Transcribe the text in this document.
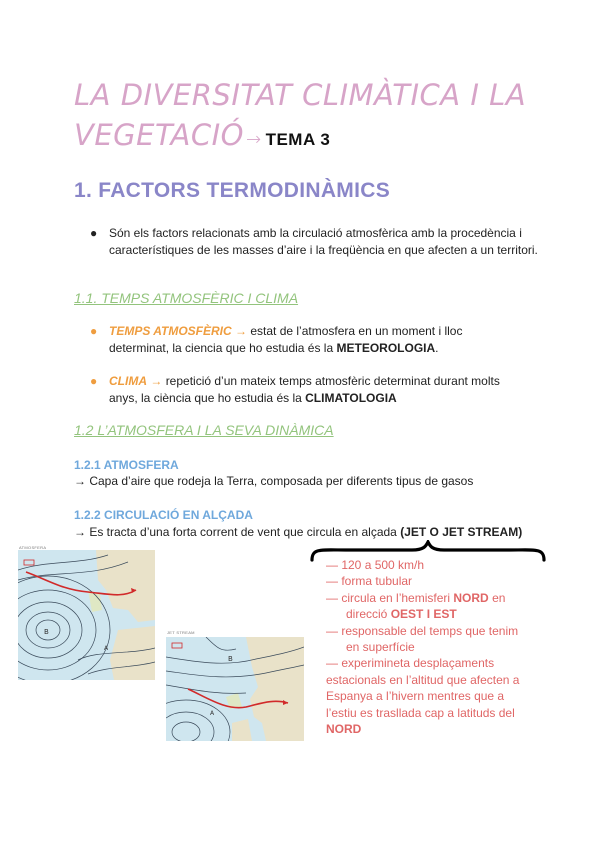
LA DIVERSITAT CLIMÀTICA I LA
VEGETACIÓ → TEMA 3
1. FACTORS TERMODINÀMICS
● Són els factors relacionats amb la circulació atmosfèrica amb la procedència i característiques de les masses d’aire i la freqüència en que afecten a un territori.
1.1. TEMPS ATMOSFÈRIC I CLIMA
● TEMPS ATMOSFÈRIC → estat de l’atmosfera en un moment i lloc determinat, la ciencia que ho estudia és la METEOROLOGIA.
● CLIMA → repetició d’un mateix temps atmosfèric determinat durant molts anys, la ciència que ho estudia és la CLIMATOLOGIA
1.2 L’ATMOSFERA I LA SEVA DINÀMICA
1.2.1 ATMOSFERA
→ Capa d’aire que rodeja la Terra, composada per diferents tipus de gasos
1.2.2 CIRCULACIÓ EN ALÇADA
→ Es tracta d’una forta corrent de vent que circula en alçada (JET O JET STREAM)
— 120 a 500 km/h
— forma tubular
— circula en l’hemisferi NORD en
direcció OEST I EST
— responsable del temps que tenim
en superfície
— experimineta desplaçaments
estacionals en l’altitud que afecten a
Espanya a l’hivern mentres que a
l’estiu es trasllada cap a latituds del
NORD
ATMOSFERA
B
A
JET STREAM
B
A
